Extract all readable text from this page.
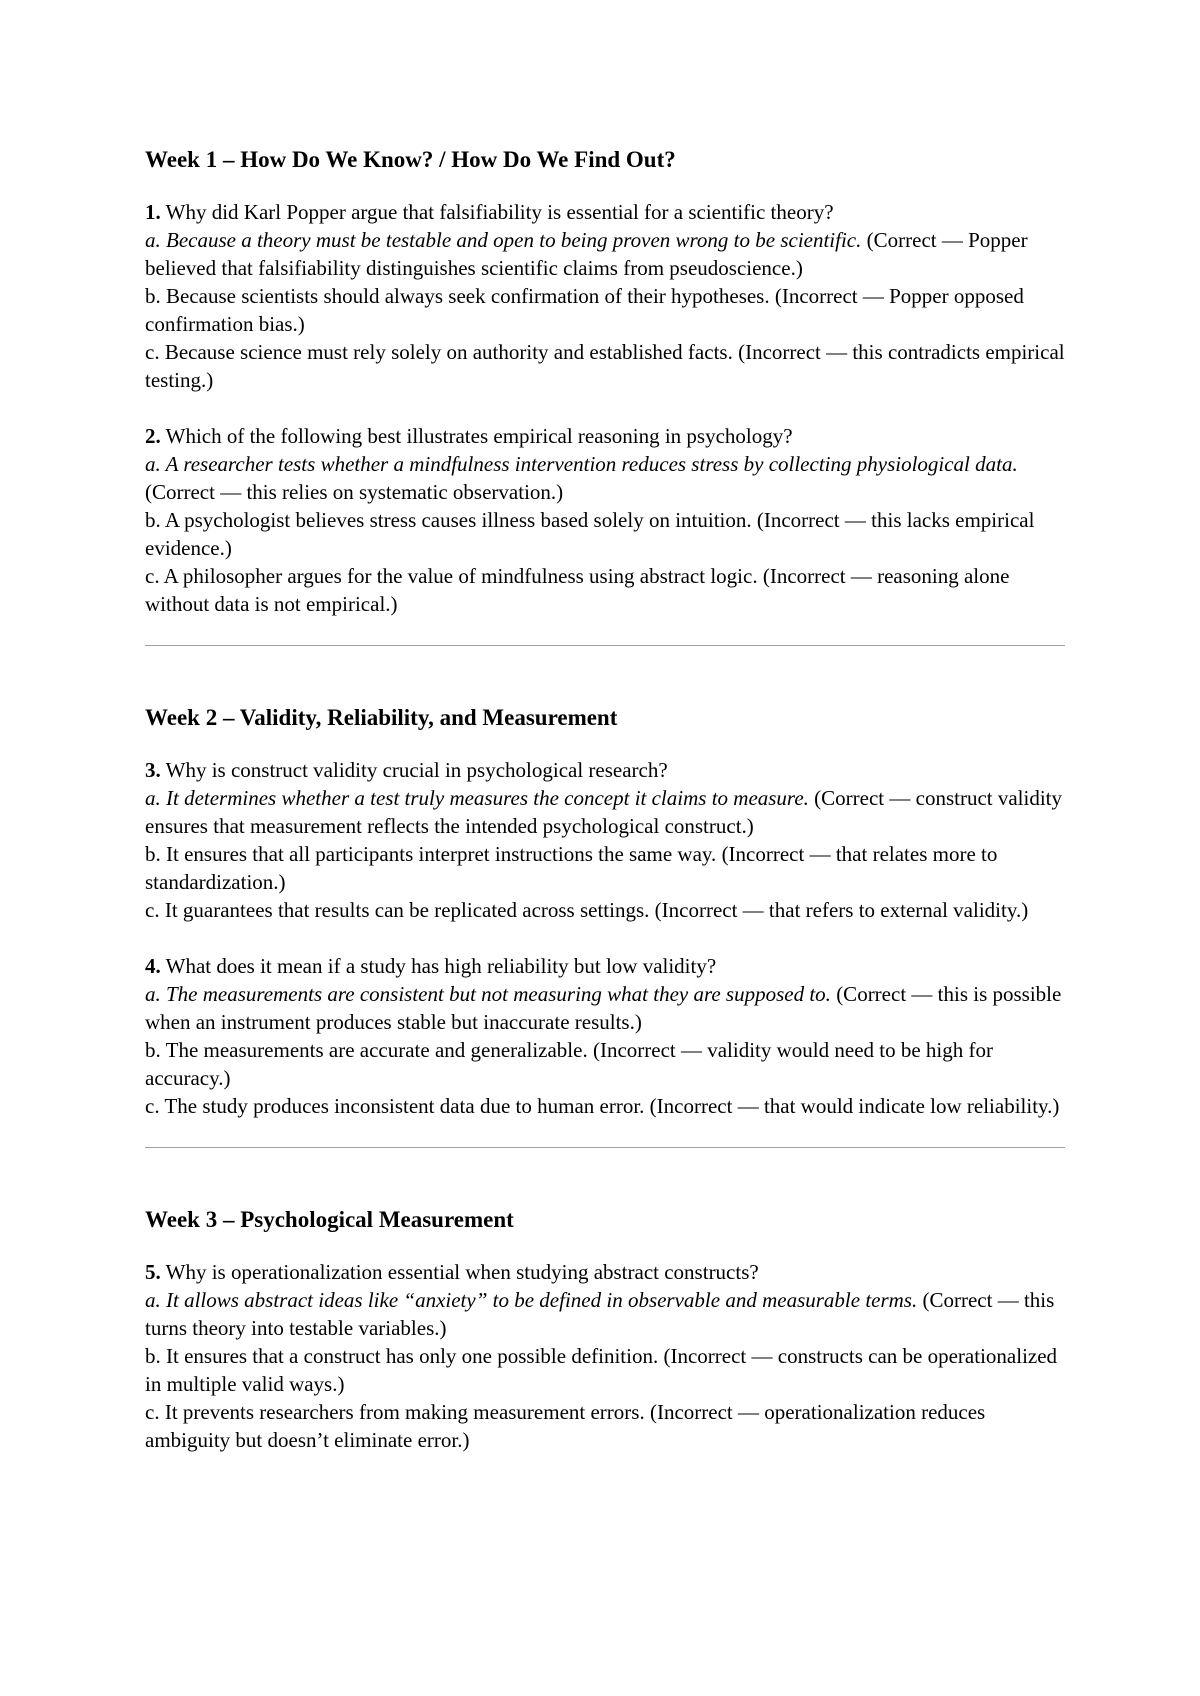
Week 1 – How Do We Know? / How Do We Find Out?

1. Why did Karl Popper argue that falsifiability is essential for a scientific theory?

a. Because a theory must be testable and open to being proven wrong to be scientific. (Correct — Popper believed that falsifiability distinguishes scientific claims from pseudoscience.)

b. Because scientists should always seek confirmation of their hypotheses. (Incorrect — Popper opposed confirmation bias.)

c. Because science must rely solely on authority and established facts. (Incorrect — this contradicts empirical testing.)

2. Which of the following best illustrates empirical reasoning in psychology?

a. A researcher tests whether a mindfulness intervention reduces stress by collecting physiological data. (Correct — this relies on systematic observation.)

b. A psychologist believes stress causes illness based solely on intuition. (Incorrect — this lacks empirical evidence.)

c. A philosopher argues for the value of mindfulness using abstract logic. (Incorrect — reasoning alone without data is not empirical.)

Week 2 – Validity, Reliability, and Measurement

3. Why is construct validity crucial in psychological research?

a. It determines whether a test truly measures the concept it claims to measure. (Correct — construct validity ensures that measurement reflects the intended psychological construct.)

b. It ensures that all participants interpret instructions the same way. (Incorrect — that relates more to standardization.)

c. It guarantees that results can be replicated across settings. (Incorrect — that refers to external validity.)

4. What does it mean if a study has high reliability but low validity?

a. The measurements are consistent but not measuring what they are supposed to. (Correct — this is possible when an instrument produces stable but inaccurate results.)

b. The measurements are accurate and generalizable. (Incorrect — validity would need to be high for accuracy.)

c. The study produces inconsistent data due to human error. (Incorrect — that would indicate low reliability.)

Week 3 – Psychological Measurement

5. Why is operationalization essential when studying abstract constructs?

a. It allows abstract ideas like “anxiety” to be defined in observable and measurable terms. (Correct — this turns theory into testable variables.)

b. It ensures that a construct has only one possible definition. (Incorrect — constructs can be operationalized in multiple valid ways.)

c. It prevents researchers from making measurement errors. (Incorrect — operationalization reduces ambiguity but doesn’t eliminate error.)
